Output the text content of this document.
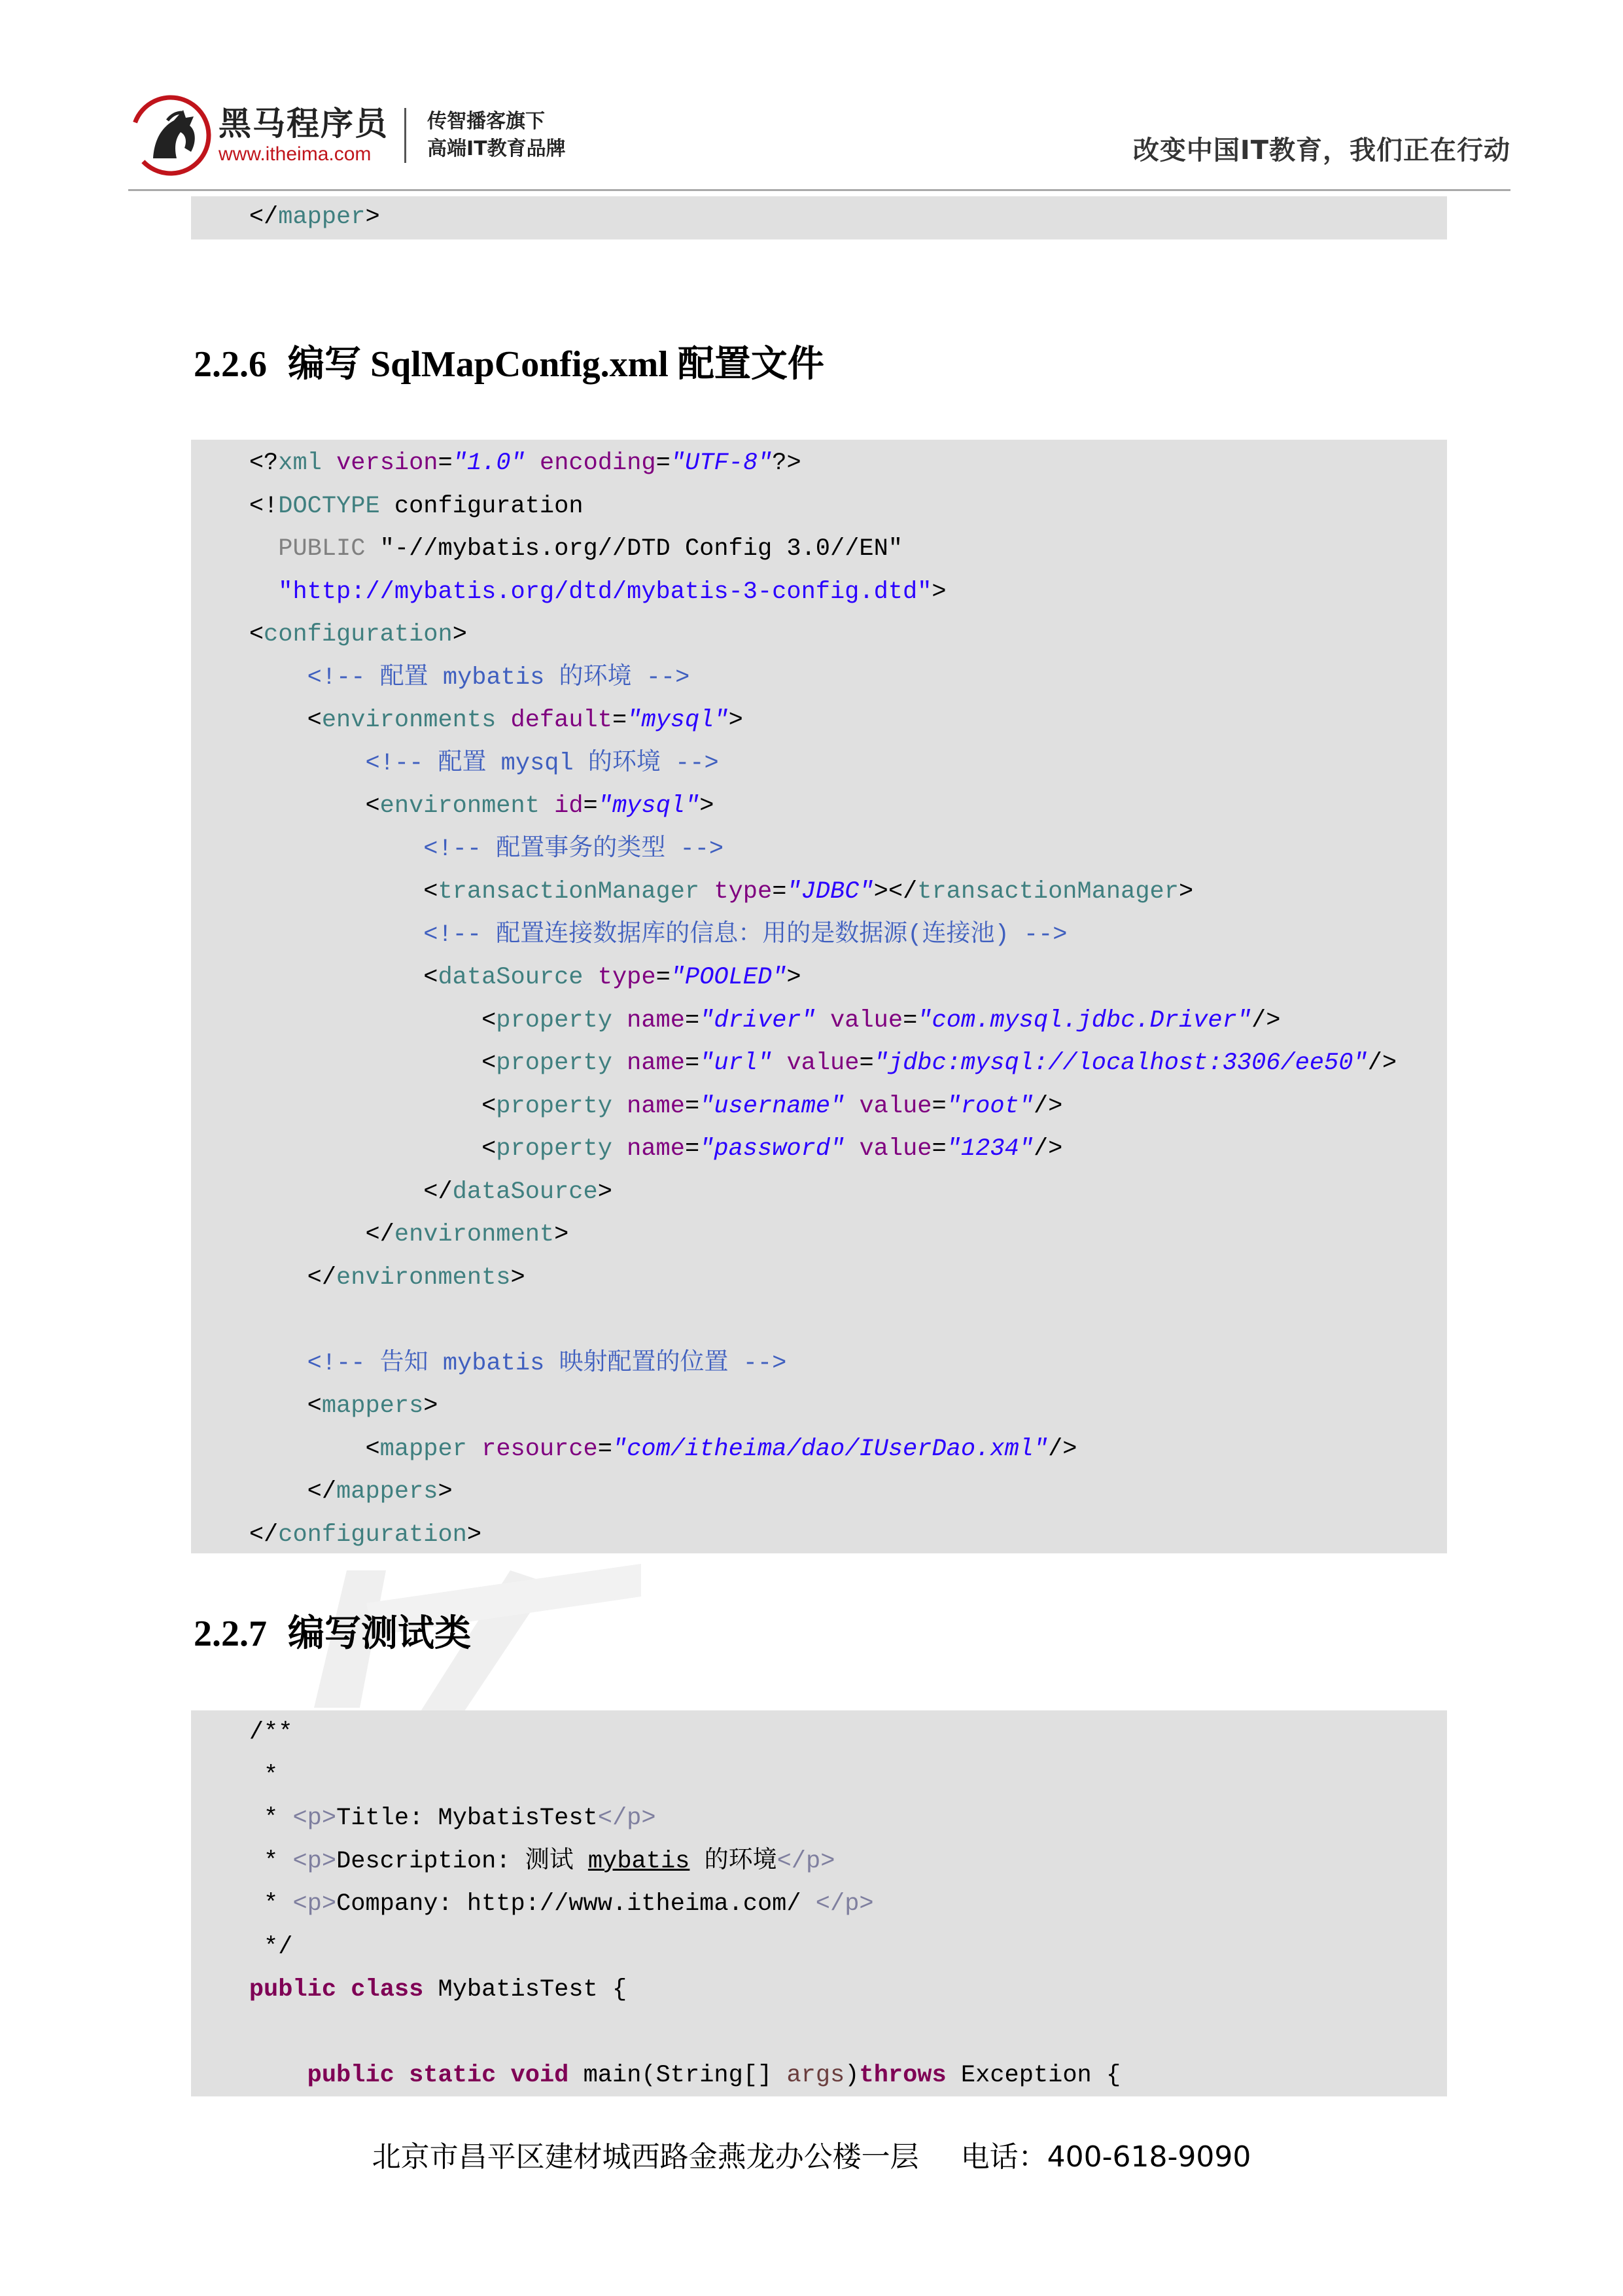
黑马程序员
www.itheima.com
传智播客旗下
高端IT教育品牌	改变中国IT教育，我们正在行动
</mapper>
2.2.6 编写 SqlMapConfig.xml 配置文件
<?xml version="1.0" encoding="UTF-8"?>
<!DOCTYPE configuration
PUBLIC "-//mybatis.org//DTD Config 3.0//EN"
"http://mybatis.org/dtd/mybatis-3-config.dtd">
<configuration>
<!-- 配置 mybatis 的环境 -->
<environments default="mysql">
<!-- 配置 mysql 的环境 -->
<environment id="mysql">
<!-- 配置事务的类型 -->
<transactionManager type="JDBC"></transactionManager>
<!-- 配置连接数据库的信息：用的是数据源(连接池) -->
<dataSource type="POOLED">
<property name="driver" value="com.mysql.jdbc.Driver"/>
<property name="url" value="jdbc:mysql://localhost:3306/ee50"/>
<property name="username" value="root"/>
<property name="password" value="1234"/>
</dataSource>
</environment>
</environments>
<!-- 告知 mybatis 映射配置的位置 -->
<mappers>
<mapper resource="com/itheima/dao/IUserDao.xml"/>
</mappers>
</configuration>
2.2.7 编写测试类
/**
*
* <p>Title: MybatisTest</p>
* <p>Description: 测试 mybatis 的环境</p>
* <p>Company: http://www.itheima.com/ </p>
*/
public class MybatisTest {
public static void main(String[] args)throws Exception {
北京市昌平区建材城西路金燕龙办公楼一层 电话：400-618-9090
